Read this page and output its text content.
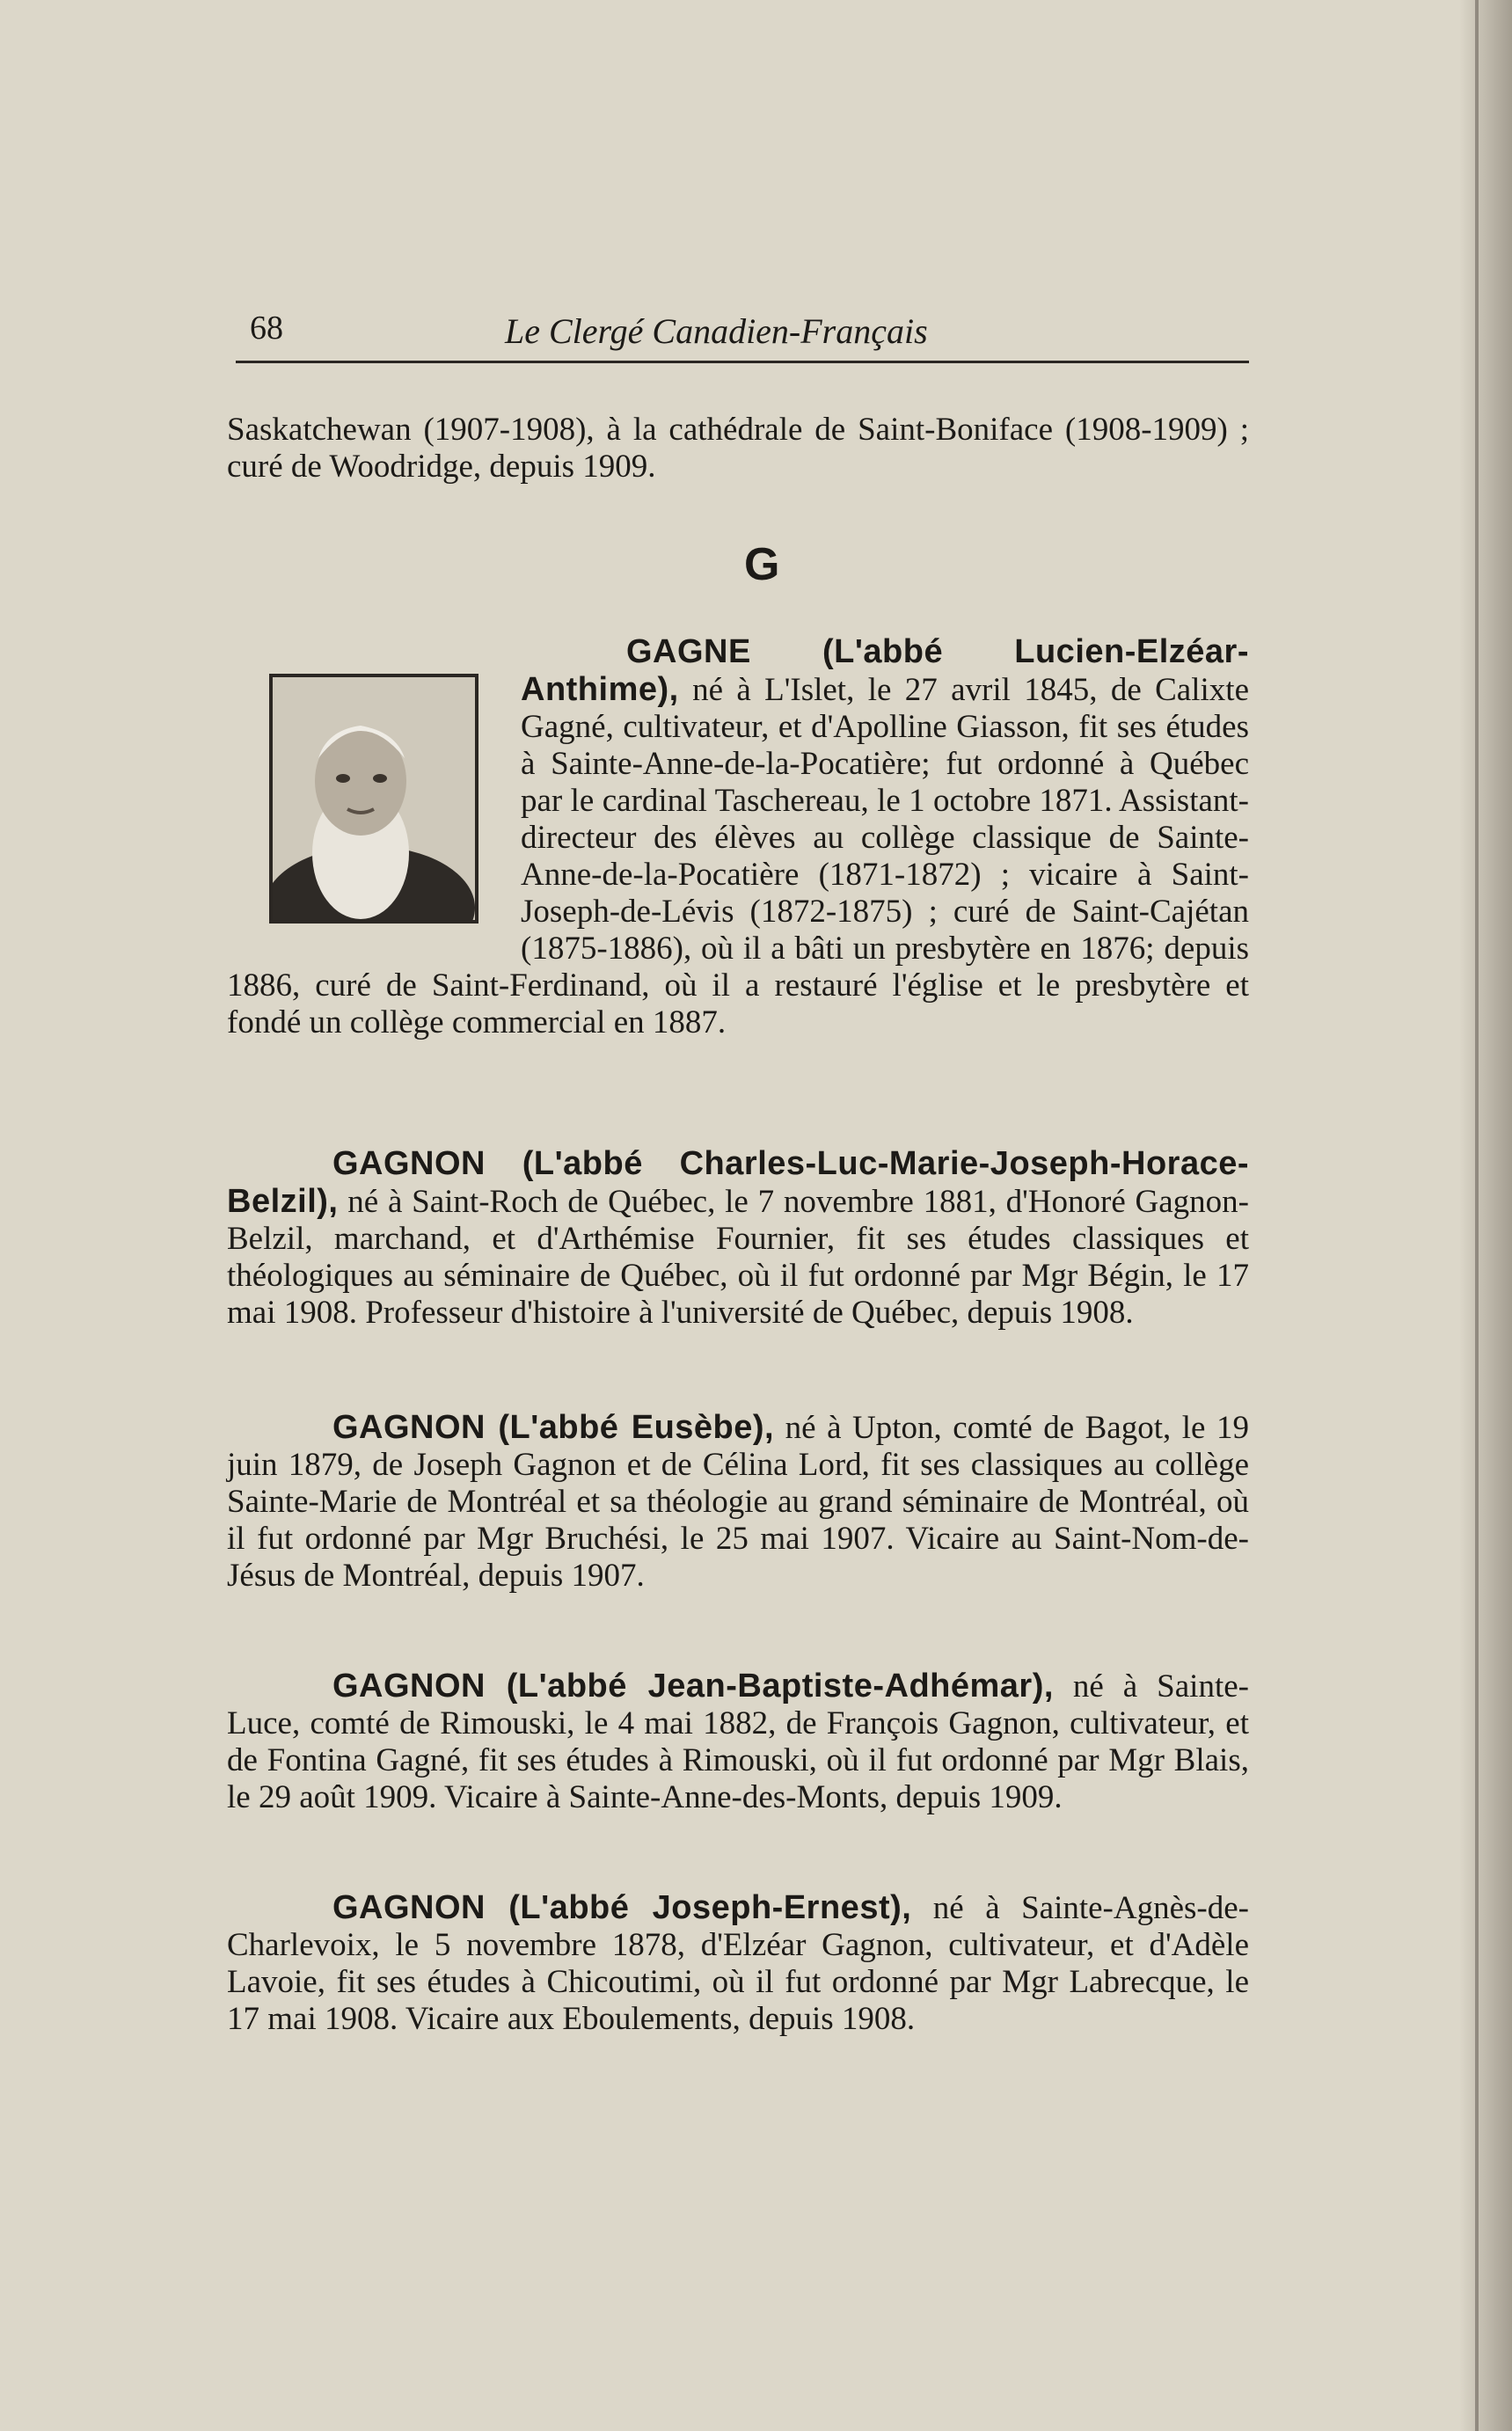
68	Le Clergé Canadien-Français
Saskatchewan (1907-1908), à la cathédrale de Saint-Boniface (1908-1909) ; curé de Woodridge, depuis 1909.
G
GAGNE (L'abbé Lucien-Elzéar-Anthime), né à L'Islet, le 27 avril 1845, de Calixte Gagné, cultivateur, et d'Apolline Giasson, fit ses études à Sainte-Anne-de-la-Pocatière; fut ordonné à Québec par le cardinal Taschereau, le 1 octobre 1871. Assistant-directeur des élèves au collège classique de Sainte-Anne-de-la-Pocatière (1871-1872) ; vicaire à Saint-Joseph-de-Lévis (1872-1875) ; curé de Saint-Cajétan (1875-1886), où il a bâti un presbytère en 1876; depuis 1886, curé de Saint-Ferdinand, où il a restauré l'église et le presbytère et fondé un collège commercial en 1887.
GAGNON (L'abbé Charles-Luc-Marie-Joseph-Horace-Belzil), né à Saint-Roch de Québec, le 7 novembre 1881, d'Honoré Gagnon-Belzil, marchand, et d'Arthémise Fournier, fit ses études classiques et théologiques au séminaire de Québec, où il fut ordonné par Mgr Bégin, le 17 mai 1908. Professeur d'histoire à l'université de Québec, depuis 1908.
GAGNON (L'abbé Eusèbe), né à Upton, comté de Bagot, le 19 juin 1879, de Joseph Gagnon et de Célina Lord, fit ses classiques au collège Sainte-Marie de Montréal et sa théologie au grand séminaire de Montréal, où il fut ordonné par Mgr Bruchési, le 25 mai 1907. Vicaire au Saint-Nom-de-Jésus de Montréal, depuis 1907.
GAGNON (L'abbé Jean-Baptiste-Adhémar), né à Sainte-Luce, comté de Rimouski, le 4 mai 1882, de François Gagnon, cultivateur, et de Fontina Gagné, fit ses études à Rimouski, où il fut ordonné par Mgr Blais, le 29 août 1909. Vicaire à Sainte-Anne-des-Monts, depuis 1909.
GAGNON (L'abbé Joseph-Ernest), né à Sainte-Agnès-de-Charlevoix, le 5 novembre 1878, d'Elzéar Gagnon, cultivateur, et d'Adèle Lavoie, fit ses études à Chicoutimi, où il fut ordonné par Mgr Labrecque, le 17 mai 1908. Vicaire aux Eboulements, depuis 1908.
